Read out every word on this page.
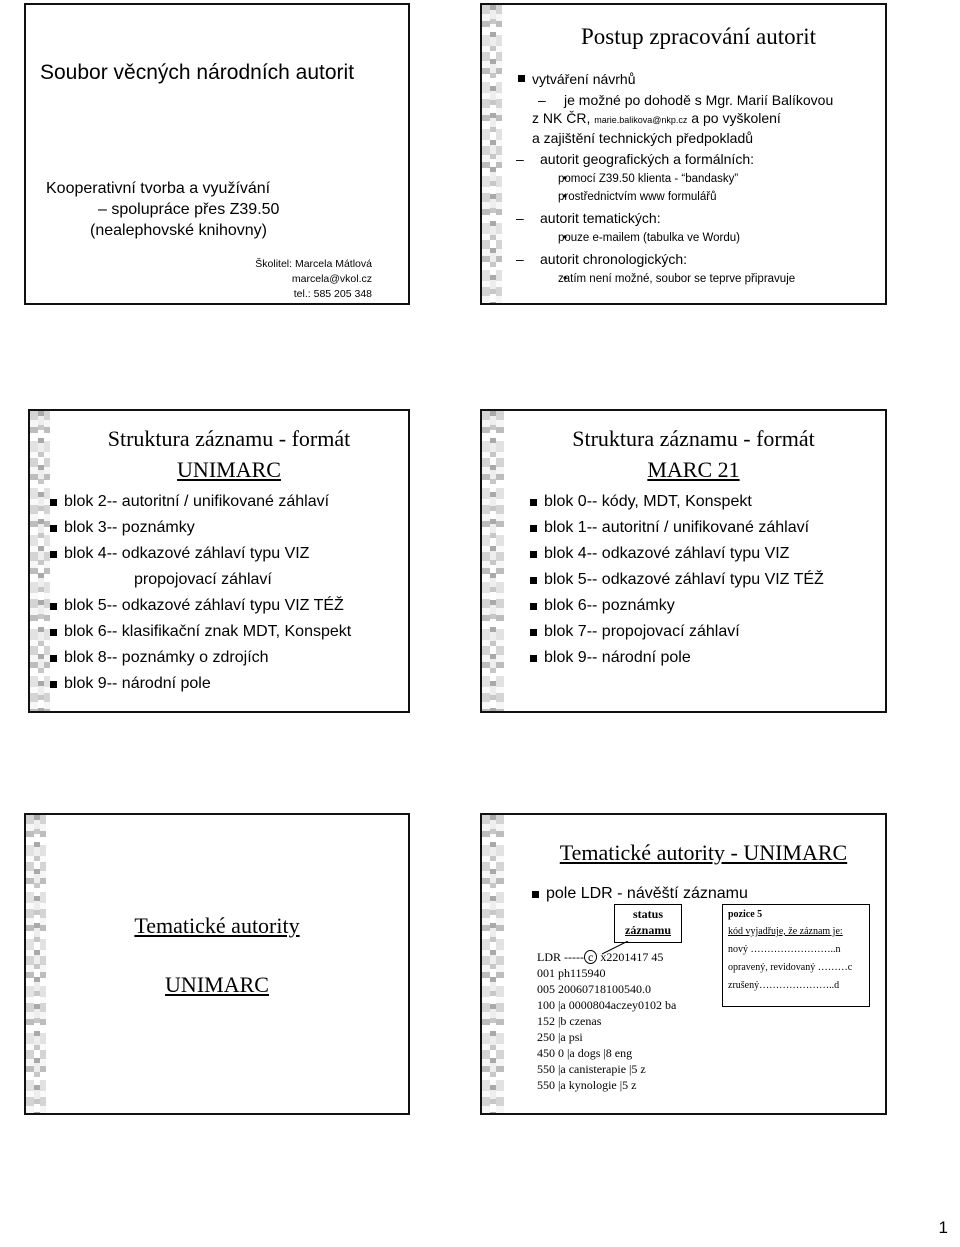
Soubor věcných národních autorit
Kooperativní tvorba a využívání
– spolupráce přes Z39.50
(nealephovské knihovny)
Školitel: Marcela Mátlová
marcela@vkol.cz
tel.: 585 205 348
Postup zpracování autorit
vytváření návrhů
– je možné po dohodě s Mgr. Marií Balíkovou
z NK ČR, marie.balikova@nkp.cz a po vyškolení
a zajištění technických předpokladů
– autorit geografických a formálních:
• pomocí Z39.50 klienta - “bandasky”
• prostřednictvím www formulářů
– autorit tematických:
• pouze e-mailem (tabulka ve Wordu)
– autorit chronologických:
• zatím není možné, soubor se teprve připravuje
Struktura záznamu - formát
UNIMARC
blok 2-- autoritní / unifikované záhlaví
blok 3-- poznámky
blok 4-- odkazové záhlaví typu VIZ
propojovací záhlaví
blok 5-- odkazové záhlaví typu VIZ TÉŽ
blok 6-- klasifikační znak MDT, Konspekt
blok 8-- poznámky o zdrojích
blok 9-- národní pole
Struktura záznamu - formát
MARC 21
blok 0-- kódy, MDT, Konspekt
blok 1-- autoritní / unifikované záhlaví
blok 4-- odkazové záhlaví typu VIZ
blok 5-- odkazové záhlaví typu VIZ TÉŽ
blok 6-- poznámky
blok 7-- propojovací záhlaví
blok 9-- národní pole
Tematické autority
UNIMARC
Tematické autority - UNIMARC
pole LDR - návěští záznamu
status
záznamu
LDR ----- c x2201417 45
001 ph115940
005 20060718100540.0
100 |a 0000804aczey0102 ba
152 |b czenas
250 |a psi
450 0 |a dogs |8 eng
550 |a canisterapie |5 z
550 |a kynologie |5 z
pozice 5
kód vyjadřuje, že záznam je:
nový ……………………..n
opravený, revidovaný ………c
zrušený…………………..d
1
